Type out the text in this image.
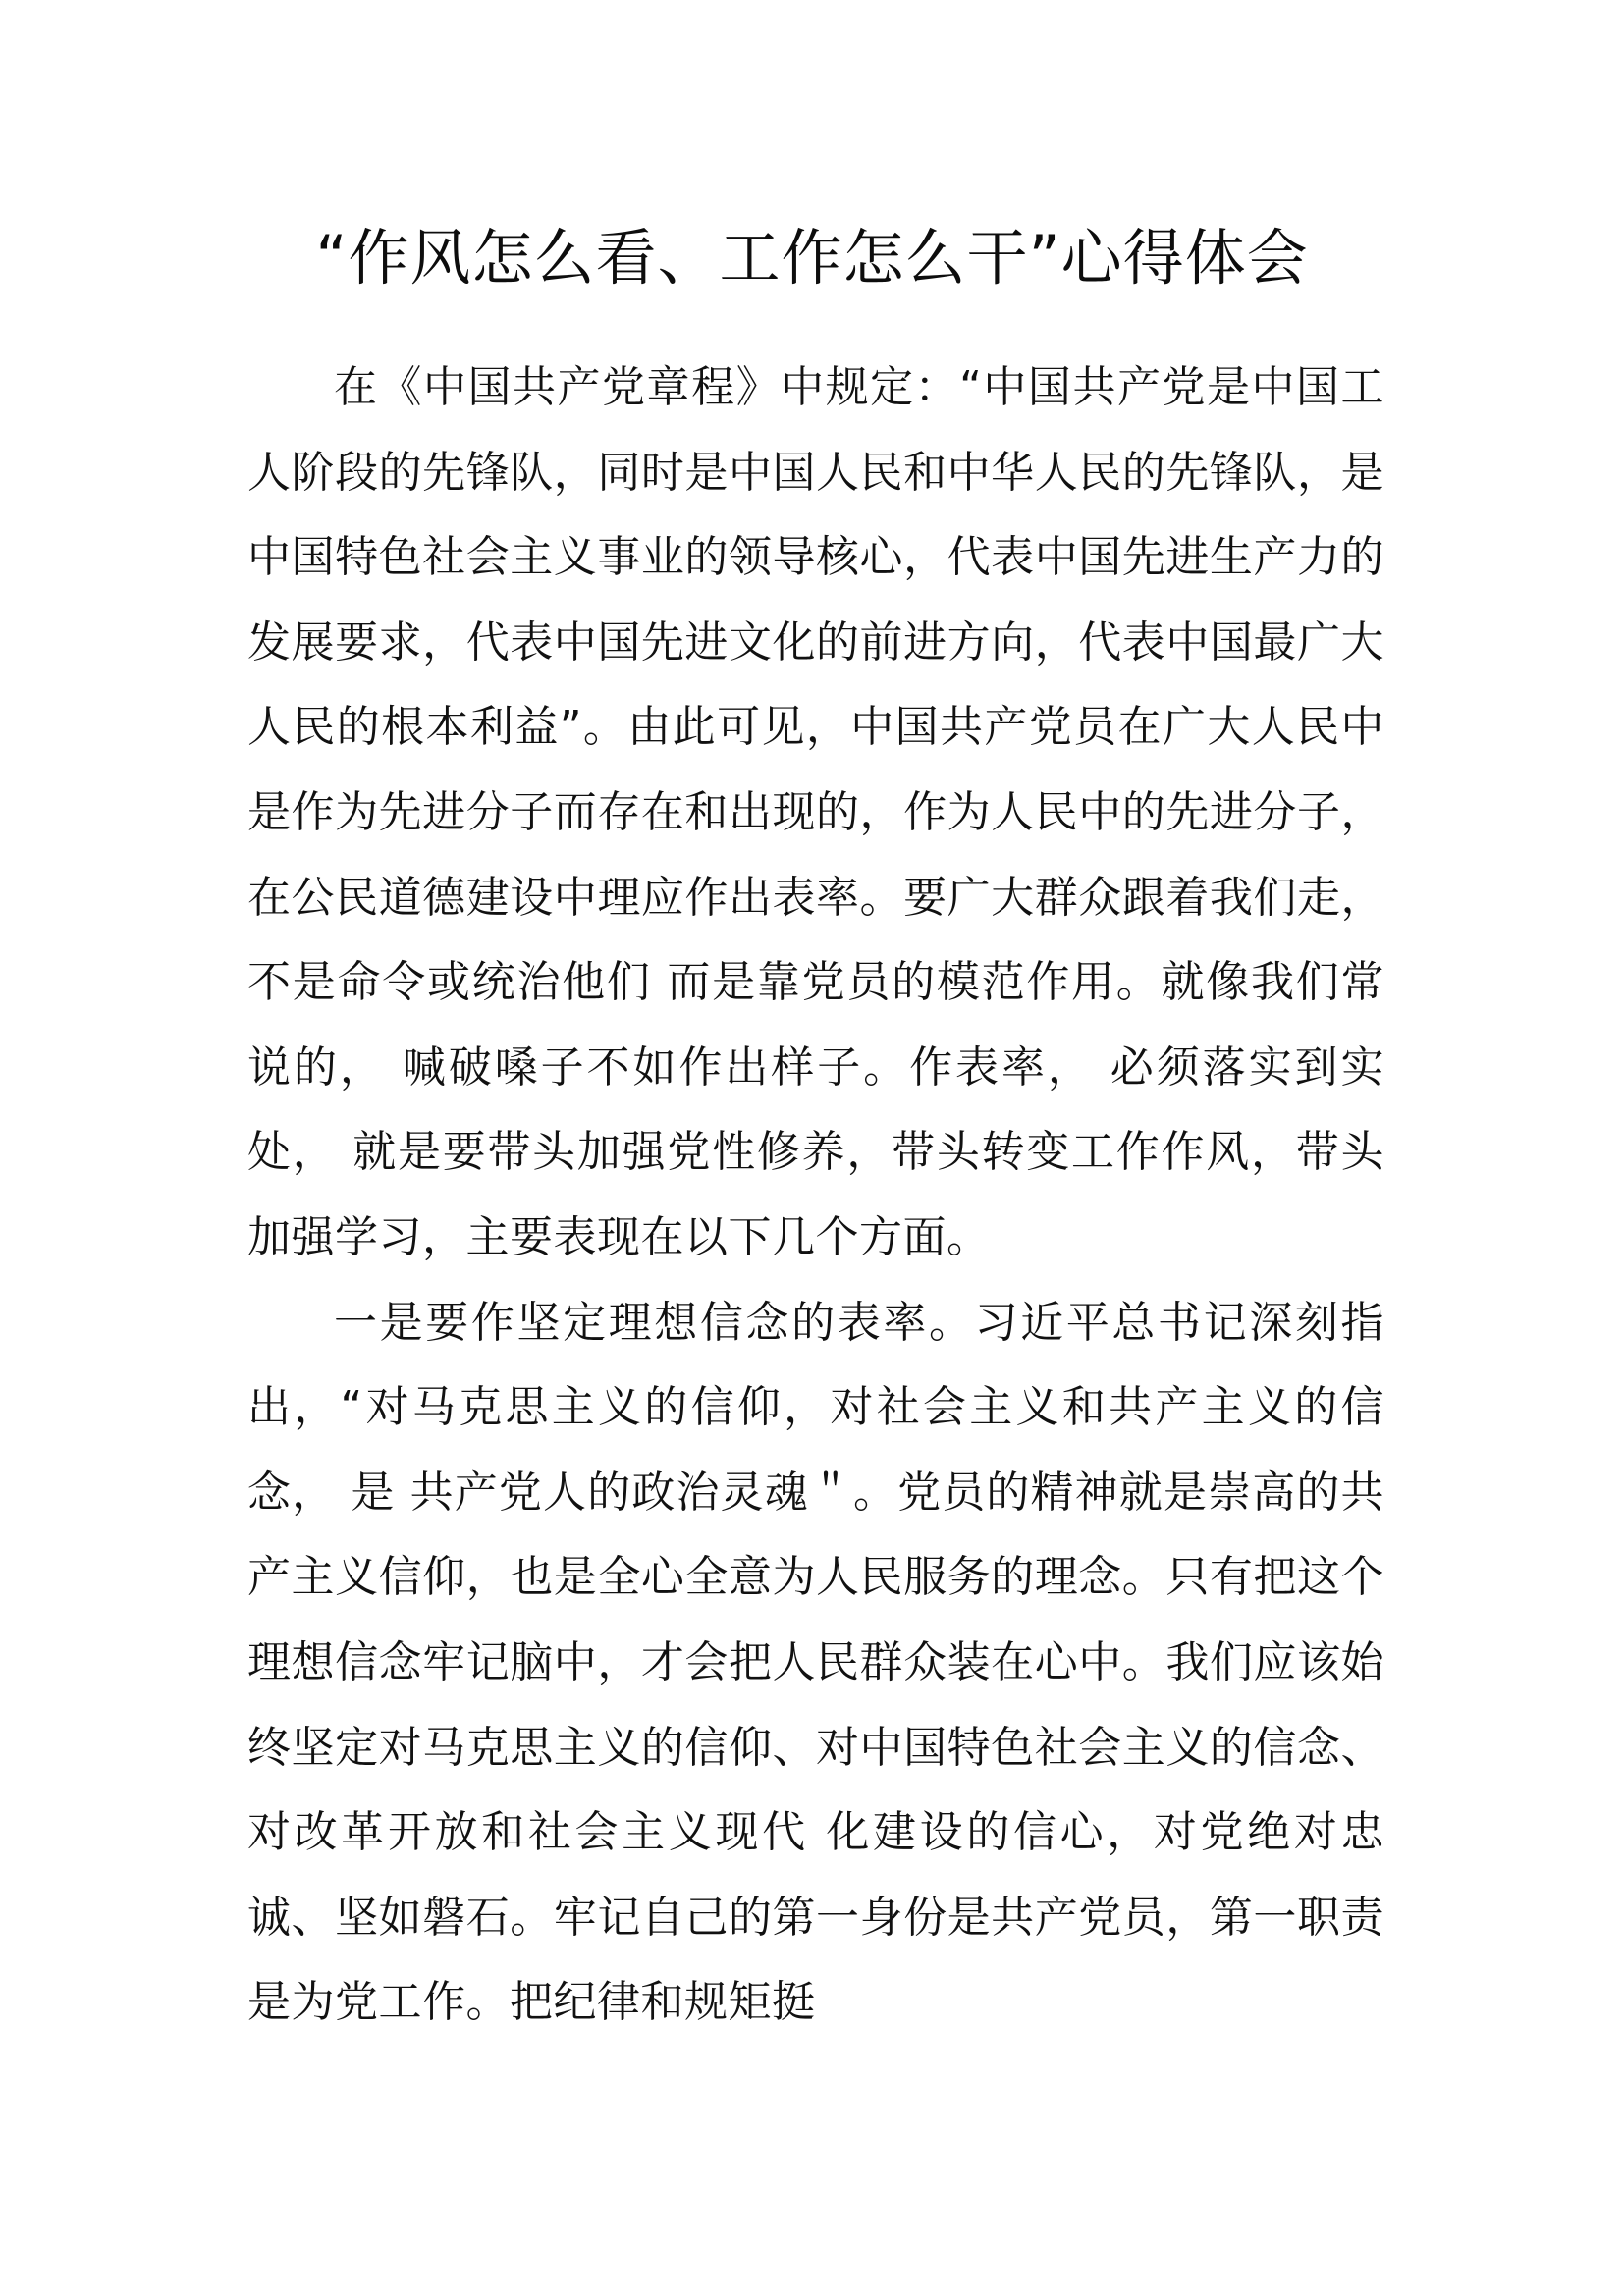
“作风怎么看、工作怎么干”心得体会

在《中国共产党章程》中规定：“中国共产党是中国工人阶段的先锋队，同时是中国人民和中华人民的先锋队，是中国特色社会主义事业的领导核心，代表中国先进生产力的发展要求，代表中国先进文化的前进方向，代表中国最广大人民的根本利益”。由此可见，中国共产党员在广大人民中是作为先进分子而存在和出现的，作为人民中的先进分子，在公民道德建设中理应作出表率。要广大群众跟着我们走，不是命令或统治他们 而是靠党员的模范作用。就像我们常说的， 喊破嗓子不如作出样子。作表率， 必须落实到实处， 就是要带头加强党性修养，带头转变工作作风，带头加强学习，主要表现在以下几个方面。

一是要作坚定理想信念的表率。习近平总书记深刻指出，“对马克思主义的信仰，对社会主义和共产主义的信念， 是 共产党人的政治灵魂＂。党员的精神就是崇高的共产主义信仰，也是全心全意为人民服务的理念。只有把这个理想信念牢记脑中，才会把人民群众装在心中。我们应该始终坚定对马克思主义的信仰、对中国特色社会主义的信念、对改革开放和社会主义现代 化建设的信心，对党绝对忠诚、坚如磐石。牢记自己的第一身份是共产党员，第一职责是为党工作。把纪律和规矩挺
